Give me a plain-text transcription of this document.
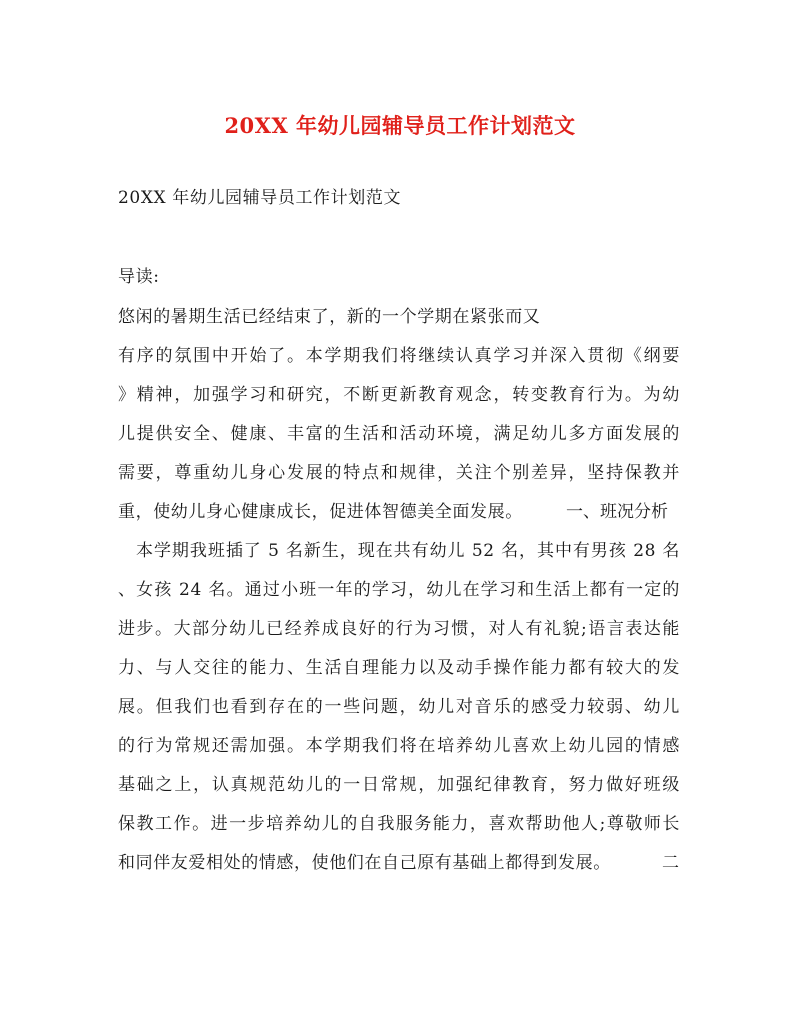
20XX 年幼儿园辅导员工作计划范文
20XX 年幼儿园辅导员工作计划范文
导读:
悠闲的暑期生活已经结束了，新的一个学期在紧张而又
有序的氛围中开始了。本学期我们将继续认真学习并深入贯彻《纲要
》精神，加强学习和研究，不断更新教育观念，转变教育行为。为幼
儿提供安全、健康、丰富的生活和活动环境，满足幼儿多方面发展的
需要，尊重幼儿身心发展的特点和规律，关注个别差异，坚持保教并
重，使幼儿身心健康成长，促进体智德美全面发展。	一、班况分析
本学期我班插了 5 名新生，现在共有幼儿 52 名，其中有男孩 28 名
、女孩 24 名。通过小班一年的学习，幼儿在学习和生活上都有一定的
进步。大部分幼儿已经养成良好的行为习惯，对人有礼貌;语言表达能
力、与人交往的能力、生活自理能力以及动手操作能力都有较大的发
展。但我们也看到存在的一些问题，幼儿对音乐的感受力较弱、幼儿
的行为常规还需加强。本学期我们将在培养幼儿喜欢上幼儿园的情感
基础之上，认真规范幼儿的一日常规，加强纪律教育，努力做好班级
保教工作。进一步培养幼儿的自我服务能力，喜欢帮助他人;尊敬师长
和同伴友爱相处的情感，使他们在自己原有基础上都得到发展。	二
